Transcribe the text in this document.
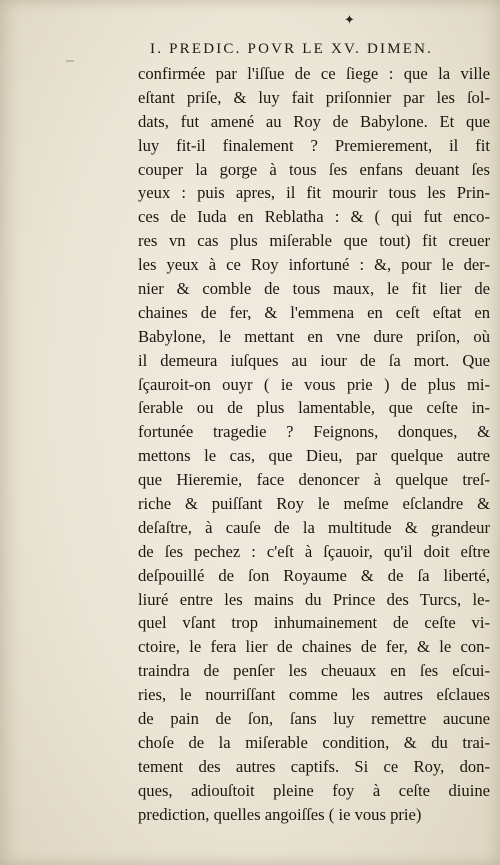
✦
I. PREDIC. POVR LE XV. DIMEN.
confirmée par l'iſſue de ce ſiege : que la ville
eſtant priſe, & luy fait priſonnier par les ſol-
dats, fut amené au Roy de Babylone. Et que
luy fit-il finalement ? Premierement, il fit
couper la gorge à tous ſes enfans deuant ſes
yeux : puis apres, il fit mourir tous les Prin-
ces de Iuda en Reblatha : & ( qui fut enco-
res vn cas plus miſerable que tout) fit creuer
les yeux à ce Roy infortuné : &, pour le der-
nier & comble de tous maux, le fit lier de
chaines de fer, & l'emmena en ceſt eſtat en
Babylone, le mettant en vne dure priſon, où
il demeura iuſques au iour de ſa mort. Que
ſçauroit-on ouyr ( ie vous prie ) de plus mi-
ſerable ou de plus lamentable, que ceſte in-
fortunée tragedie ? Feignons, donques, &
mettons le cas, que Dieu, par quelque autre
que Hieremie, face denoncer à quelque treſ-
riche & puiſſant Roy le meſme eſclandre &
deſaſtre, à cauſe de la multitude & grandeur
de ſes pechez : c'eſt à ſçauoir, qu'il doit eſtre
deſpouillé de ſon Royaume & de ſa liberté,
liuré entre les mains du Prince des Turcs, le-
quel vſant trop inhumainement de ceſte vi-
ctoire, le fera lier de chaines de fer, & le con-
traindra de penſer les cheuaux en ſes eſcui-
ries, le nourriſſant comme les autres eſclaues
de pain de ſon, ſans luy remettre aucune
choſe de la miſerable condition, & du trai-
tement des autres captifs. Si ce Roy, don-
ques, adiouſtoit pleine foy à ceſte diuine
prediction, quelles angoiſſes ( ie vous prie)
